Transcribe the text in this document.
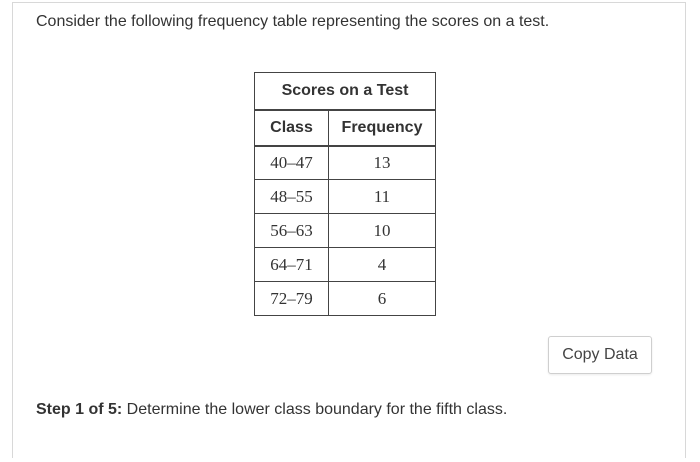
Consider the following frequency table representing the scores on a test.
Scores on a Test	
Class	Frequency
40–47	13
48–55	11
56–63	10
64–71	4
72–79	6
Copy Data
Step 1 of 5: Determine the lower class boundary for the fifth class.
